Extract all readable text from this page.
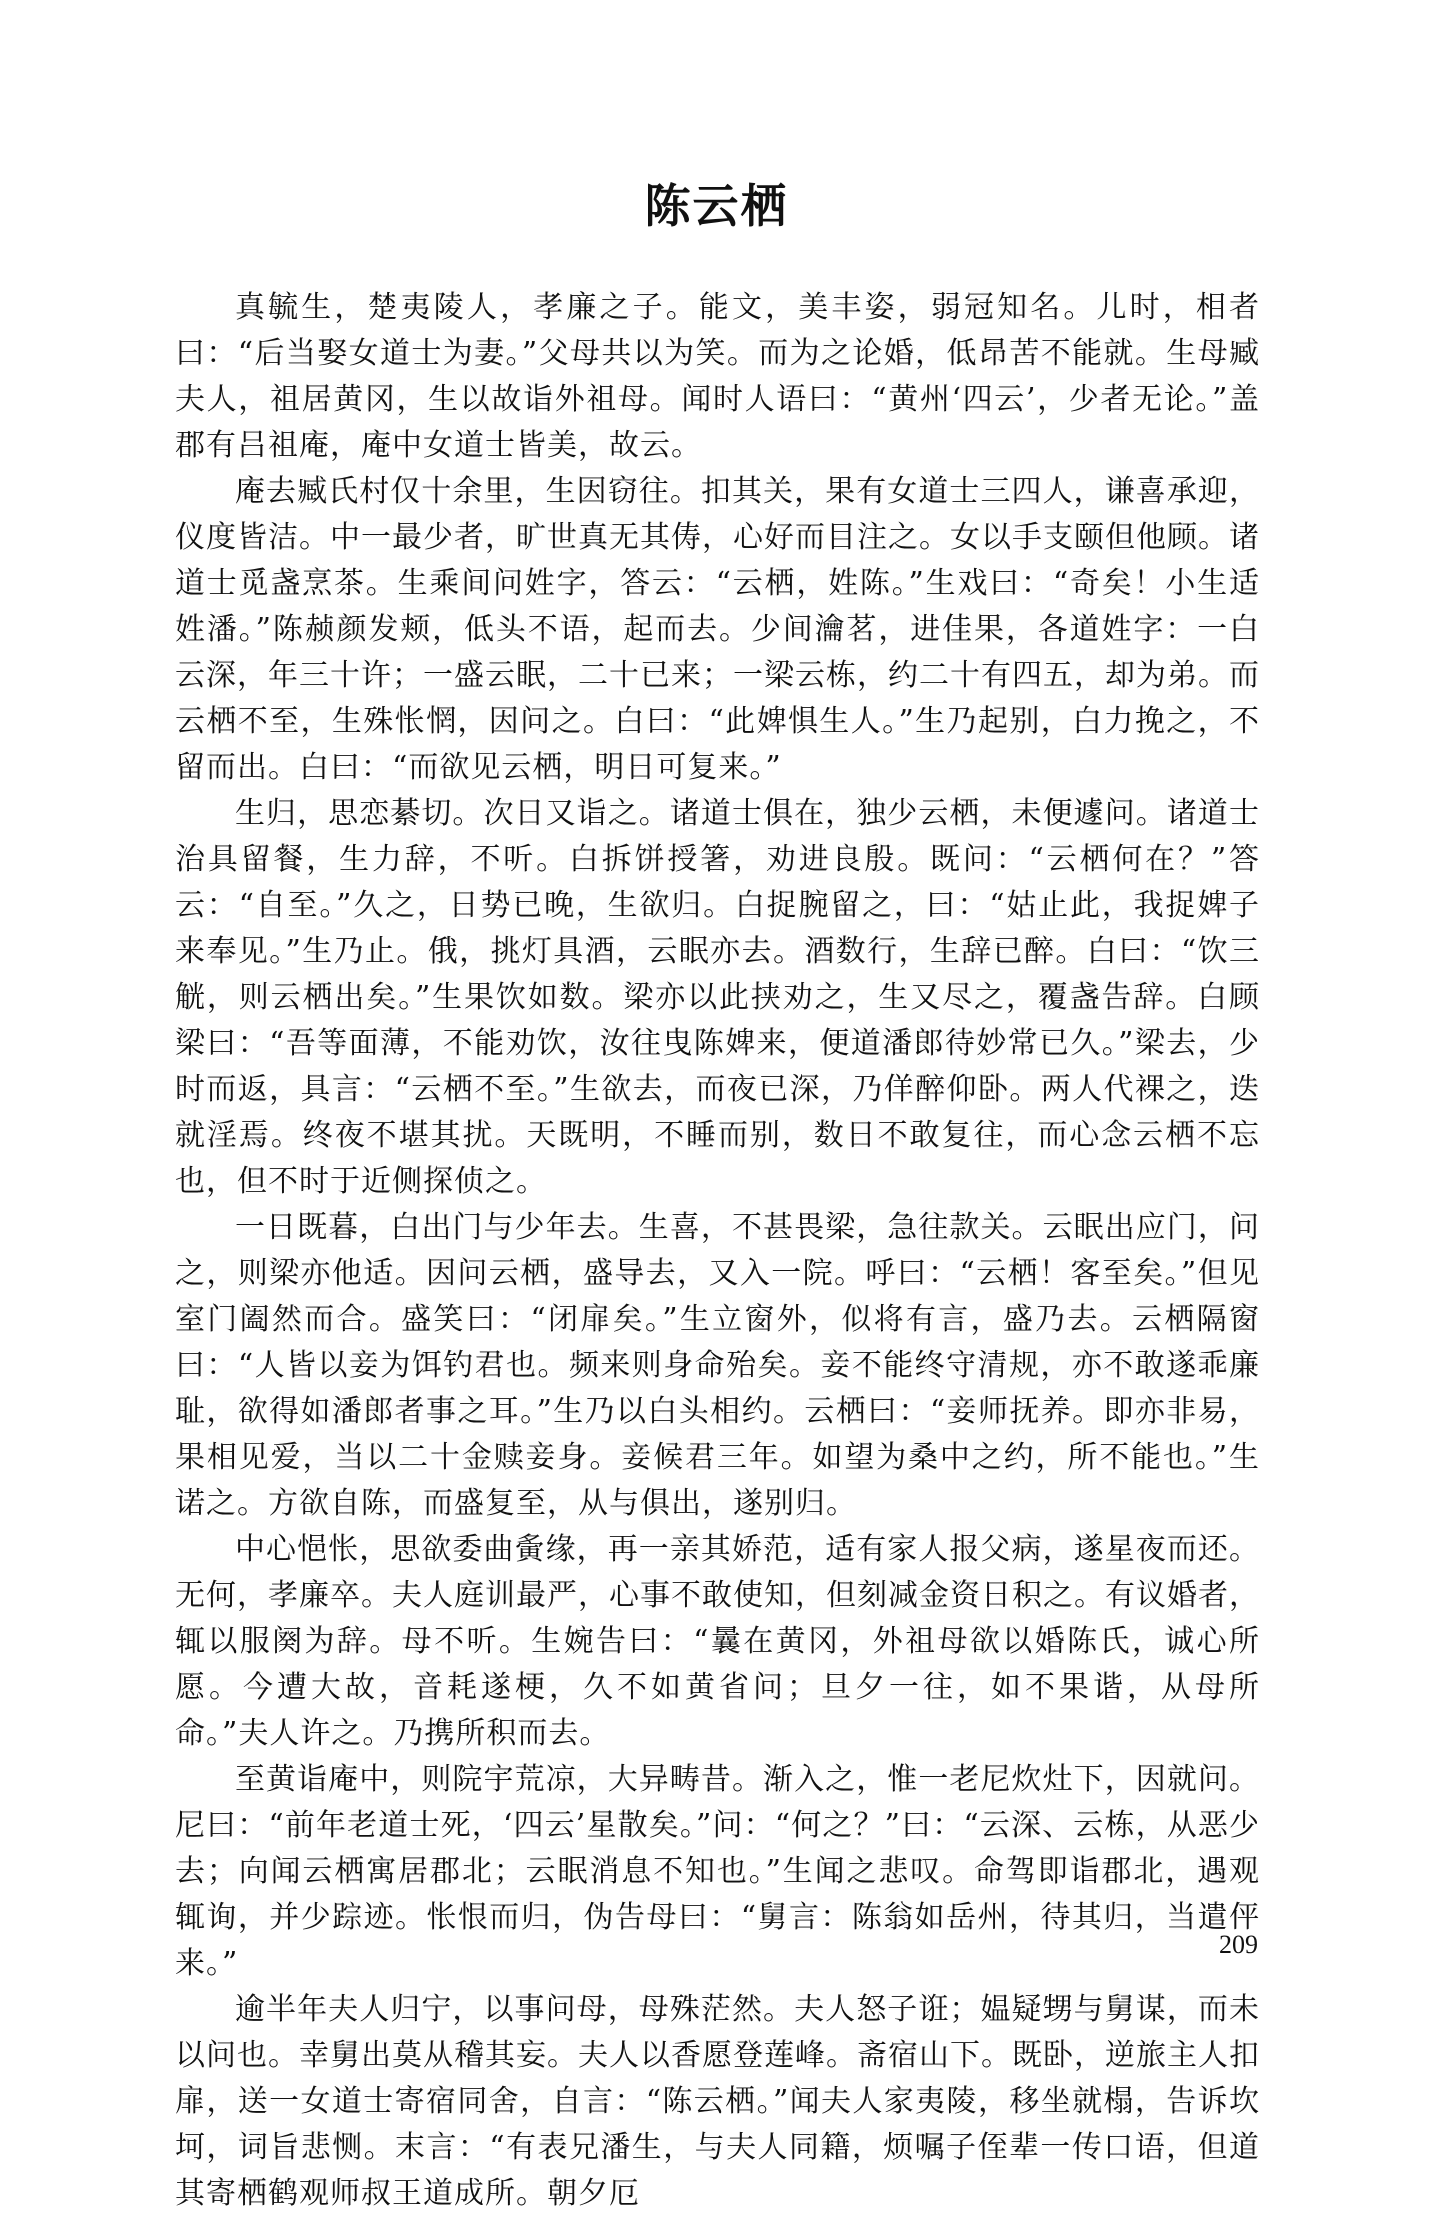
陈云栖

真毓生，楚夷陵人，孝廉之子。能文，美丰姿，弱冠知名。儿时，相者曰：“后当娶女道士为妻。”父母共以为笑。而为之论婚，低昂苦不能就。生母臧夫人，祖居黄冈，生以故诣外祖母。闻时人语曰：“黄州‘四云’，少者无论。”盖郡有吕祖庵，庵中女道士皆美，故云。

庵去臧氏村仅十余里，生因窃往。扣其关，果有女道士三四人，谦喜承迎，仪度皆洁。中一最少者，旷世真无其俦，心好而目注之。女以手支颐但他顾。诸道士觅盏烹茶。生乘间问姓字，答云：“云栖，姓陈。”生戏曰：“奇矣！小生适姓潘。”陈赪颜发颊，低头不语，起而去。少间瀹茗，进佳果，各道姓字：一白云深，年三十许；一盛云眠，二十已来；一梁云栋，约二十有四五，却为弟。而云栖不至，生殊怅惘，因问之。白曰：“此婢惧生人。”生乃起别，白力挽之，不留而出。白曰：“而欲见云栖，明日可复来。”

生归，思恋綦切。次日又诣之。诸道士俱在，独少云栖，未便遽问。诸道士治具留餐，生力辞，不听。白拆饼授箸，劝进良殷。既问：“云栖何在？”答云：“自至。”久之，日势已晚，生欲归。白捉腕留之，曰：“姑止此，我捉婢子来奉见。”生乃止。俄，挑灯具酒，云眠亦去。酒数行，生辞已醉。白曰：“饮三觥，则云栖出矣。”生果饮如数。梁亦以此挟劝之，生又尽之，覆盏告辞。白顾梁曰：“吾等面薄，不能劝饮，汝往曳陈婢来，便道潘郎待妙常已久。”梁去，少时而返，具言：“云栖不至。”生欲去，而夜已深，乃佯醉仰卧。两人代裸之，迭就淫焉。终夜不堪其扰。天既明，不睡而别，数日不敢复往，而心念云栖不忘也，但不时于近侧探侦之。

一日既暮，白出门与少年去。生喜，不甚畏梁，急往款关。云眠出应门，问之，则梁亦他适。因问云栖，盛导去，又入一院。呼曰：“云栖！客至矣。”但见室门阖然而合。盛笑曰：“闭扉矣。”生立窗外，似将有言，盛乃去。云栖隔窗曰：“人皆以妾为饵钓君也。频来则身命殆矣。妾不能终守清规，亦不敢遂乖廉耻，欲得如潘郎者事之耳。”生乃以白头相约。云栖曰：“妾师抚养。即亦非易，果相见爱，当以二十金赎妾身。妾候君三年。如望为桑中之约，所不能也。”生诺之。方欲自陈，而盛复至，从与俱出，遂别归。

中心悒怅，思欲委曲夤缘，再一亲其娇范，适有家人报父病，遂星夜而还。无何，孝廉卒。夫人庭训最严，心事不敢使知，但刻减金资日积之。有议婚者，辄以服阕为辞。母不听。生婉告曰：“曩在黄冈，外祖母欲以婚陈氏，诚心所愿。今遭大故，音耗遂梗，久不如黄省问；旦夕一往，如不果谐，从母所命。”夫人许之。乃携所积而去。

至黄诣庵中，则院宇荒凉，大异畴昔。渐入之，惟一老尼炊灶下，因就问。尼曰：“前年老道士死，‘四云’星散矣。”问：“何之？”曰：“云深、云栋，从恶少去；向闻云栖寓居郡北；云眠消息不知也。”生闻之悲叹。命驾即诣郡北，遇观辄询，并少踪迹。怅恨而归，伪告母曰：“舅言：陈翁如岳州，待其归，当遣伻来。”

逾半年夫人归宁，以事问母，母殊茫然。夫人怒子诳；媪疑甥与舅谋，而未以问也。幸舅出莫从稽其妄。夫人以香愿登莲峰。斋宿山下。既卧，逆旅主人扣扉，送一女道士寄宿同舍，自言：“陈云栖。”闻夫人家夷陵，移坐就榻，告诉坎坷，词旨悲恻。末言：“有表兄潘生，与夫人同籍，烦嘱子侄辈一传口语，但道其寄栖鹤观师叔王道成所。朝夕厄

209
